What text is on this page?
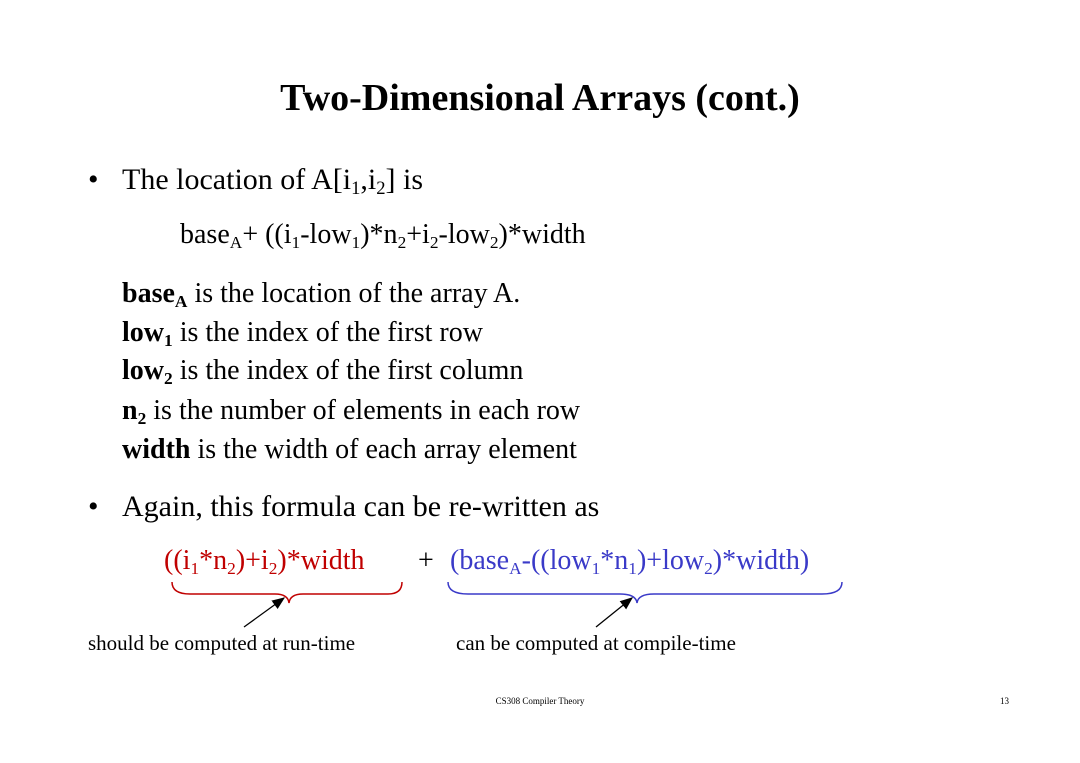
Two-Dimensional Arrays (cont.)
• The location of $A[i_1,i_2]$ is
base$_A$+ $((i_1-low_1)*n_2+i_2-low_2)*width$
base$_A$ is the location of the array A.
low$_1$ is the index of the first row
low$_2$ is the index of the first column
$n_2$ is the number of elements in each row
width is the width of each array element
• Again, this formula can be re-written as
$((i_1*n_2)+i_2)*width$ + $(base_A-((low_1*n_1)+low_2)*width)$
should be computed at run-time	can be computed at compile-time
CS308 Compiler Theory	13
